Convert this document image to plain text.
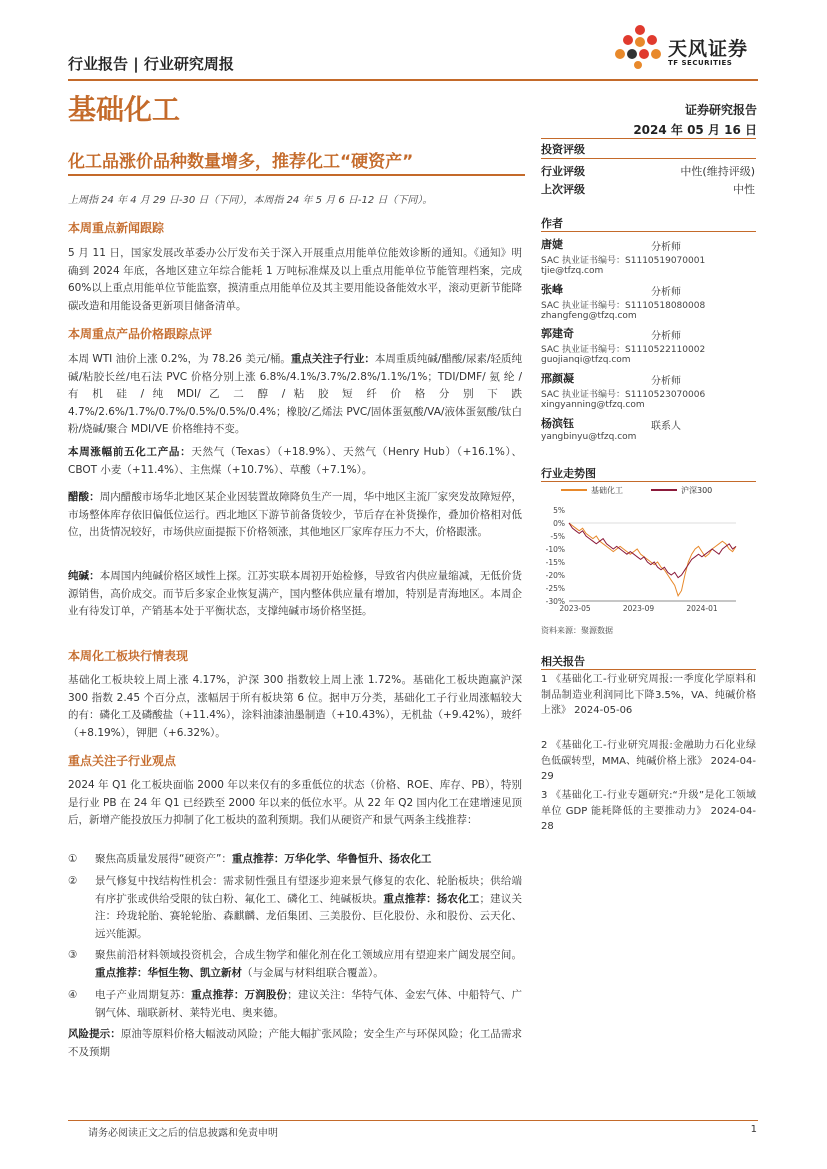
行业报告 | 行业研究周报
基础化工
天风证券
TF SECURITIES
证券研究报告
2024 年 05 月 16 日
化工品涨价品种数量增多，推荐化工“硬资产”
上周指 24 年 4 月 29 日-30 日（下同），本周指 24 年 5 月 6 日-12 日（下同）。
本周重点新闻跟踪
5 月 11 日，国家发展改革委办公厅发布关于深入开展重点用能单位能效诊断的通知。《通知》明确到 2024 年底，各地区建立年综合能耗 1 万吨标准煤及以上重点用能单位节能管理档案，完成 60%以上重点用能单位节能监察，摸清重点用能单位及其主要用能设备能效水平，滚动更新节能降碳改造和用能设备更新项目储备清单。
本周重点产品价格跟踪点评
本周 WTI 油价上涨 0.2%，为 78.26 美元/桶。重点关注子行业：本周重质纯碱/醋酸/尿素/轻质纯碱/粘胶长丝/电石法 PVC 价格分别上涨 6.8%/4.1%/3.7%/2.8%/1.1%/1%；TDI/DMF/ 氨 纶 / 有 机 硅 / 纯 MDI/ 乙 二 醇 / 粘 胶 短 纤 价 格 分 别 下 跌 4.7%/2.6%/1.7%/0.7%/0.5%/0.5%/0.4%；橡胶/乙烯法 PVC/固体蛋氨酸/VA/液体蛋氨酸/钛白粉/烧碱/聚合 MDI/VE 价格维持不变。
本周涨幅前五化工产品：天然气（Texas）（+18.9%）、天然气（Henry Hub）（+16.1%）、CBOT 小麦（+11.4%）、主焦煤（+10.7%）、草酸（+7.1%）。
醋酸：周内醋酸市场华北地区某企业因装置故障降负生产一周，华中地区主流厂家突发故障短停，市场整体库存依旧偏低位运行。西北地区下游节前备货较少，节后存在补货操作，叠加价格相对低位，出货情况较好，市场供应面提振下价格领涨，其他地区厂家库存压力不大，价格跟涨。
纯碱：本周国内纯碱价格区域性上探。江苏实联本周初开始检修，导致省内供应量缩减，无低价货源销售，高价成交。而节后多家企业恢复满产，国内整体供应量有增加，特别是青海地区。本周企业有待发订单，产销基本处于平衡状态，支撑纯碱市场价格坚挺。
本周化工板块行情表现
基础化工板块较上周上涨 4.17%，沪深 300 指数较上周上涨 1.72%。基础化工板块跑赢沪深 300 指数 2.45 个百分点，涨幅居于所有板块第 6 位。据申万分类，基础化工子行业周涨幅较大的有：磷化工及磷酸盐（+11.4%），涂料油漆油墨制造（+10.43%），无机盐（+9.42%），玻纤（+8.19%），钾肥（+6.32%）。
重点关注子行业观点
2024 年 Q1 化工板块面临 2000 年以来仅有的多重低位的状态（价格、ROE、库存、PB），特别是行业 PB 在 24 年 Q1 已经跌至 2000 年以来的低位水平。从 22 年 Q2 国内化工在建增速见顶后，新增产能投放压力抑制了化工板块的盈利预期。我们从硬资产和景气两条主线推荐：
①	聚焦高质量发展得“硬资产”：重点推荐：万华化学、华鲁恒升、扬农化工
②	景气修复中找结构性机会：需求韧性强且有望逐步迎来景气修复的农化、轮胎板块；供给端有序扩张或供给受限的钛白粉、氟化工、磷化工、纯碱板块。重点推荐：扬农化工；建议关注：玲珑轮胎、赛轮轮胎、森麒麟、龙佰集团、三美股份、巨化股份、永和股份、云天化、远兴能源。
③	聚焦前沿材料领域投资机会，合成生物学和催化剂在化工领域应用有望迎来广阔发展空间。重点推荐：华恒生物、凯立新材（与金属与材料组联合覆盖）。
④	电子产业周期复苏：重点推荐：万润股份；建议关注：华特气体、金宏气体、中船特气、广钢气体、瑞联新材、莱特光电、奥来德。
风险提示：原油等原料价格大幅波动风险；产能大幅扩张风险；安全生产与环保风险；化工品需求不及预期
投资评级
行业评级	中性(维持评级)
上次评级	中性
作者
唐婕	分析师
SAC 执业证书编号：S1110519070001
tjie@tfzq.com
张峰	分析师
SAC 执业证书编号：S1110518080008
zhangfeng@tfzq.com
郭建奇	分析师
SAC 执业证书编号：S1110522110002
guojianqi@tfzq.com
邢颜凝	分析师
SAC 执业证书编号：S1110523070006
xingyanning@tfzq.com
杨滨钰	联系人
yangbinyu@tfzq.com
行业走势图
基础化工	沪深300
5%
0%
-5%
-10%
-15%
-20%
-25%
-30%
2023-05	2023-09	2024-01
资料来源：聚源数据
相关报告
1 《基础化工-行业研究周报:一季度化学原料和制品制造业利润同比下降3.5%，VA、纯碱价格上涨》 2024-05-06
2 《基础化工-行业研究周报:金融助力石化业绿色低碳转型，MMA、纯碱价格上涨》 2024-04-29
3 《基础化工-行业专题研究:“升级”是化工领域单位 GDP 能耗降低的主要推动力》 2024-04-28
请务必阅读正文之后的信息披露和免责申明	1
